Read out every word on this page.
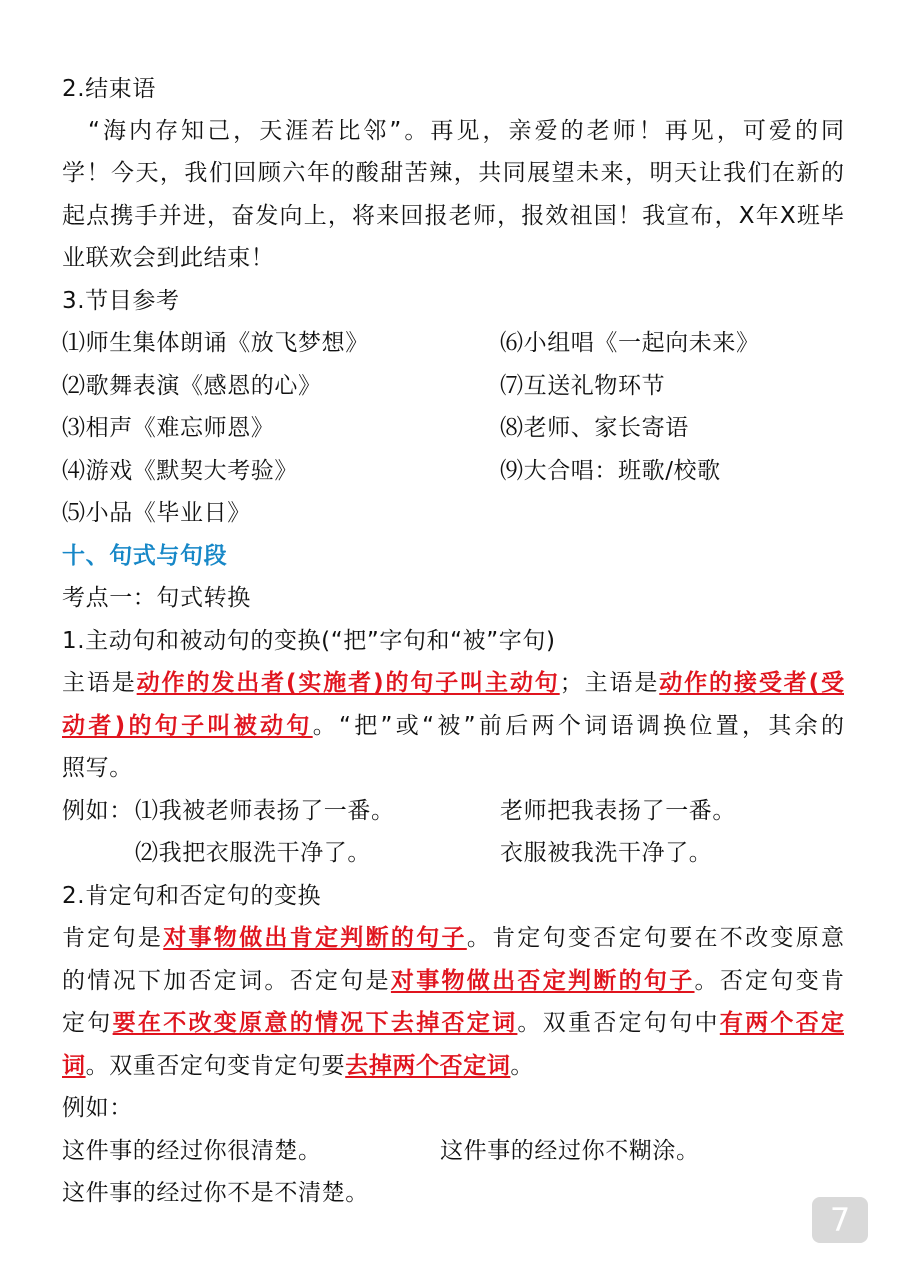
2.结束语
　“海内存知己，天涯若比邻”。再见，亲爱的老师！再见，可爱的同
学！今天，我们回顾六年的酸甜苦辣，共同展望未来，明天让我们在新的
起点携手并进，奋发向上，将来回报老师，报效祖国！我宣布，X年X班毕
业联欢会到此结束！
3.节目参考
⑴师生集体朗诵《放飞梦想》	⑹小组唱《一起向未来》
⑵歌舞表演《感恩的心》	⑺互送礼物环节
⑶相声《难忘师恩》	⑻老师、家长寄语
⑷游戏《默契大考验》	⑼大合唱：班歌/校歌
⑸小品《毕业日》
十、句式与句段
考点一：句式转换
1.主动句和被动句的变换(“把”字句和“被”字句)
主语是动作的发出者(实施者)的句子叫主动句；主语是动作的接受者(受
动者)的句子叫被动句。“把”或“被”前后两个词语调换位置，其余的
照写。
例如： ⑴我被老师表扬了一番。	老师把我表扬了一番。
⑵我把衣服洗干净了。	衣服被我洗干净了。
2.肯定句和否定句的变换
肯定句是对事物做出肯定判断的句子。肯定句变否定句要在不改变原意
的情况下加否定词。否定句是对事物做出否定判断的句子。否定句变肯
定句要在不改变原意的情况下去掉否定词。双重否定句句中有两个否定
词。双重否定句变肯定句要去掉两个否定词。
例如：
这件事的经过你很清楚。	这件事的经过你不糊涂。
这件事的经过你不是不清楚。
7
